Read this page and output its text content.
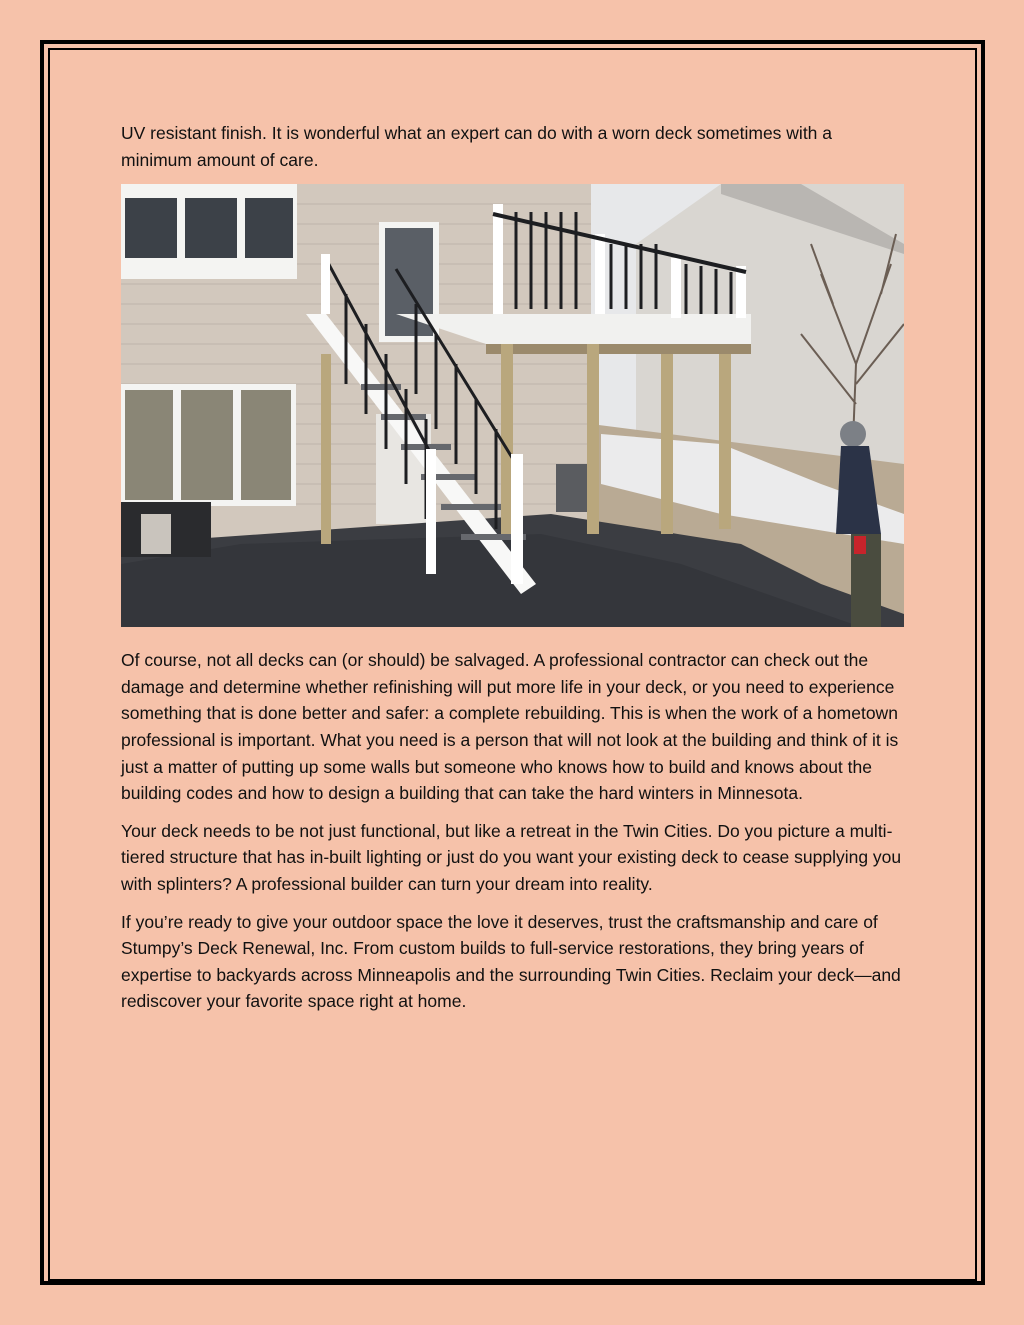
UV resistant finish. It is wonderful what an expert can do with a worn deck sometimes with a minimum amount of care.

Of course, not all decks can (or should) be salvaged. A professional contractor can check out the damage and determine whether refinishing will put more life in your deck, or you need to experience something that is done better and safer: a complete rebuilding. This is when the work of a hometown professional is important. What you need is a person that will not look at the building and think of it is just a matter of putting up some walls but someone who knows how to build and knows about the building codes and how to design a building that can take the hard winters in Minnesota.

Your deck needs to be not just functional, but like a retreat in the Twin Cities. Do you picture a multi-tiered structure that has in-built lighting or just do you want your existing deck to cease supplying you with splinters? A professional builder can turn your dream into reality.

If you’re ready to give your outdoor space the love it deserves, trust the craftsmanship and care of Stumpy’s Deck Renewal, Inc. From custom builds to full-service restorations, they bring years of expertise to backyards across Minneapolis and the surrounding Twin Cities. Reclaim your deck—and rediscover your favorite space right at home.
